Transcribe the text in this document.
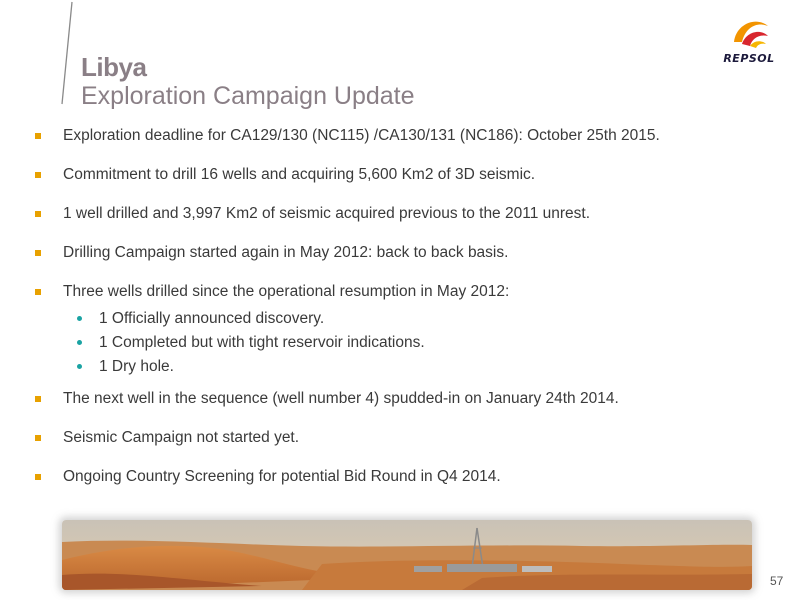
Libya
Exploration Campaign Update
REPSOL
Exploration deadline for CA129/130 (NC115) /CA130/131 (NC186): October 25th 2015.
Commitment to drill 16 wells and acquiring 5,600 Km2 of 3D seismic.
1 well drilled and 3,997 Km2 of seismic acquired previous to the 2011 unrest.
Drilling Campaign started again in May 2012: back to back basis.
Three wells drilled since the operational resumption in May 2012:
1 Officially announced discovery.
1 Completed but with tight reservoir indications.
1 Dry hole.
The next well in the sequence (well number 4) spudded-in on January 24th 2014.
Seismic Campaign not started yet.
Ongoing Country Screening for potential Bid Round in Q4 2014.
57
